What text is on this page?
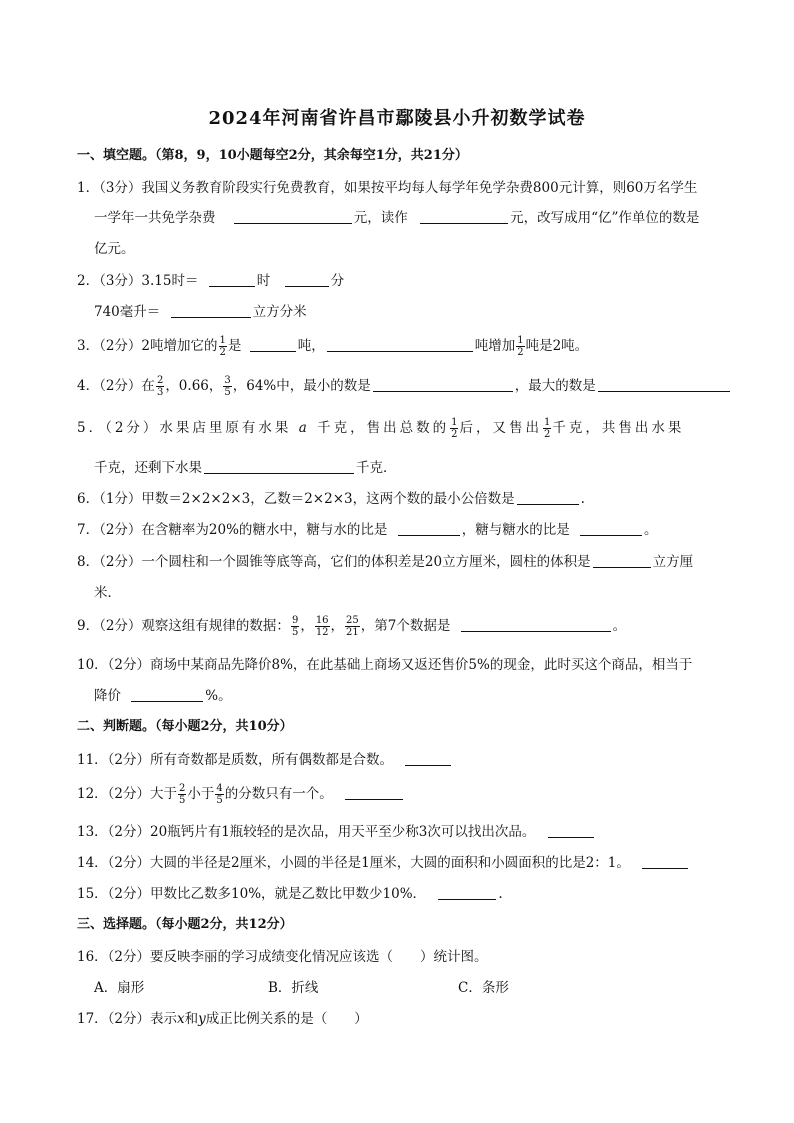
2024年河南省许昌市鄢陵县小升初数学试卷
一、填空题。（第8，9，10小题每空2分，其余每空1分，共21分）
1．（3分）我国义务教育阶段实行免费教育，如果按平均每人每学年免学杂费800元计算，则60万名学生
一学年一共免学杂费	元，读作	元，改写成用“亿”作单位的数是
亿元。
2．（3分）3.15时＝	时	分
740毫升＝	立方分米
3．（2分）2吨增加它的 $\frac{1}{2}$ 是	吨，	吨增加 $\frac{1}{2}$ 吨是2吨。
4．（2分）在 $\frac{2}{3}$ ，0.66， $\frac{3}{5}$ ，64%中，最小的数是	，最大的数是
5．（2分）水果店里原有水果 a 千克，售出总数的 $\frac{1}{2}$ 后，又售出 $\frac{1}{2}$ 千克，共售出水果
千克，还剩下水果	千克．
6．（1分）甲数＝2×2×2×3，乙数＝2×2×3，这两个数的最小公倍数是	.
7．（2分）在含糖率为20%的糖水中，糖与水的比是	，糖与糖水的比是	。
8．（2分）一个圆柱和一个圆锥等底等高，它们的体积差是20立方厘米，圆柱的体积是	立方厘
米．
9．（2分）观察这组有规律的数据： $\frac{9}{5}$ ， $\frac{16}{12}$ ， $\frac{25}{21}$ ，第7个数据是	。
10．（2分）商场中某商品先降价8%，在此基础上商场又返还售价5%的现金，此时买这个商品，相当于
降价	%。
二、判断题。（每小题2分，共10分）
11．（2分）所有奇数都是质数，所有偶数都是合数。
12．（2分）大于 $\frac{2}{5}$ 小于 $\frac{4}{5}$ 的分数只有一个。
13．（2分）20瓶钙片有1瓶较轻的是次品，用天平至少称3次可以找出次品。
14．（2分）大圆的半径是2厘米，小圆的半径是1厘米，大圆的面积和小圆面积的比是2：1。
15．（2分）甲数比乙数多10%，就是乙数比甲数少10%．	.
三、选择题。（每小题2分，共12分）
16．（2分）要反映李丽的学习成绩变化情况应该选（　　）统计图。
A．扇形	B．折线	C．条形
17．（2分）表示x和y成正比例关系的是（　　）
